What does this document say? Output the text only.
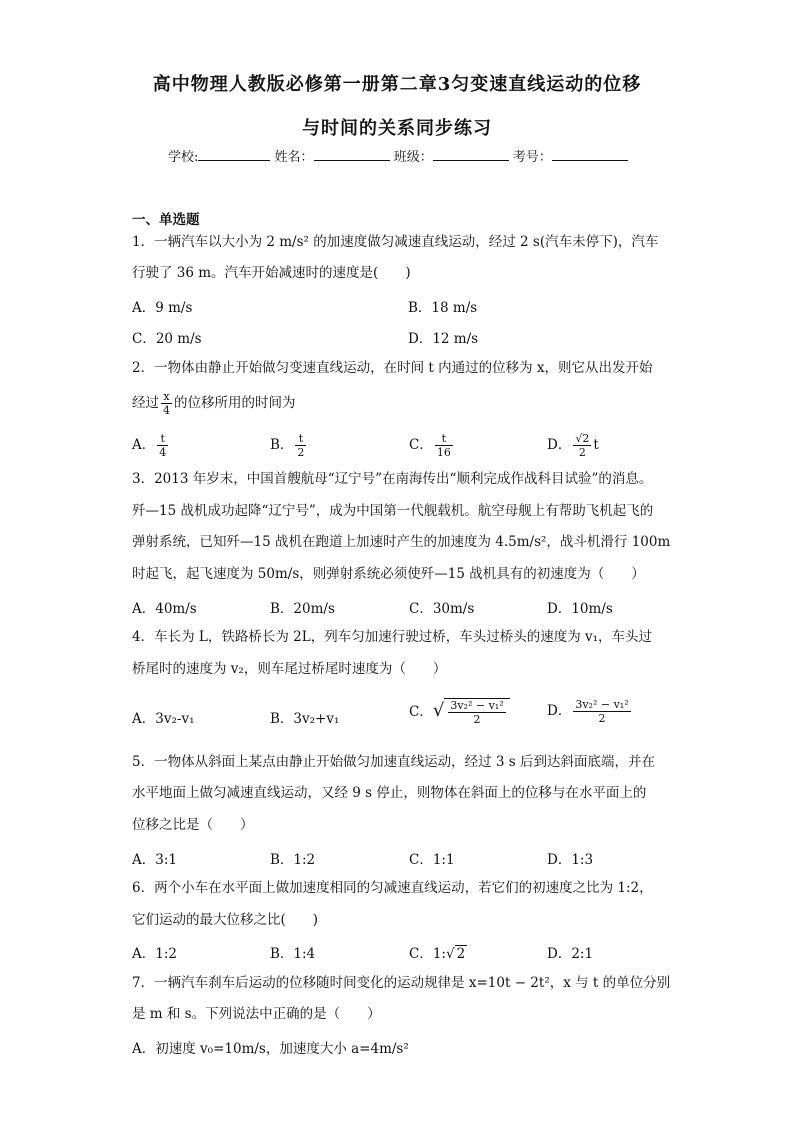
高中物理人教版必修第一册第二章3匀变速直线运动的位移
与时间的关系同步练习
学校:	姓名：	班级：	考号：
一、单选题
1．一辆汽车以大小为 2 m/s² 的加速度做匀减速直线运动，经过 2 s(汽车未停下)，汽车
行驶了 36 m。汽车开始减速时的速度是(　　)
A．9 m/s	B．18 m/s
C．20 m/s	D．12 m/s
2．一物体由静止开始做匀变速直线运动，在时间 t 内通过的位移为 x，则它从出发开始
经过 $\frac{x}{4}$ 的位移所用的时间为
A． $\frac{t}{4}$	B． $\frac{t}{2}$	C． $\frac{t}{16}$	D． $\frac{√2}{2}$ t
3．2013 年岁末，中国首艘航母“辽宁号”在南海传出“顺利完成作战科目试验”的消息。
歼—15 战机成功起降“辽宁号”，成为中国第一代舰载机。航空母舰上有帮助飞机起飞的
弹射系统，已知歼—15 战机在跑道上加速时产生的加速度为 4.5m/s²，战斗机滑行 100m
时起飞，起飞速度为 50m/s，则弹射系统必须使歼—15 战机具有的初速度为（　　）
A．40m/s	B．20m/s	C．30m/s	D．10m/s
4．车长为 L，铁路桥长为 2L，列车匀加速行驶过桥，车头过桥头的速度为 v₁，车头过
桥尾时的速度为 v₂，则车尾过桥尾时速度为（　　）
A．3v₂-v₁	B．3v₂+v₁	C．√ $\frac{\text{3v₂² − v₁²}}{2}$	D． $\frac{\text{3v₂² − v₁²}}{2}$
5．一物体从斜面上某点由静止开始做匀加速直线运动，经过 3 s 后到达斜面底端，并在
水平地面上做匀减速直线运动，又经 9 s 停止，则物体在斜面上的位移与在水平面上的
位移之比是（　　）
A．3:1	B．1:2	C．1:1	D．1:3
6．两个小车在水平面上做加速度相同的匀减速直线运动，若它们的初速度之比为 1:2，
它们运动的最大位移之比(　　)
A．1:2	B．1:4	C．1:√ 2	D．2:1
7．一辆汽车刹车后运动的位移随时间变化的运动规律是 x=10t − 2t²，x 与 t 的单位分别
是 m 和 s。下列说法中正确的是（　　）
A．初速度 v₀=10m/s，加速度大小 a=4m/s²
